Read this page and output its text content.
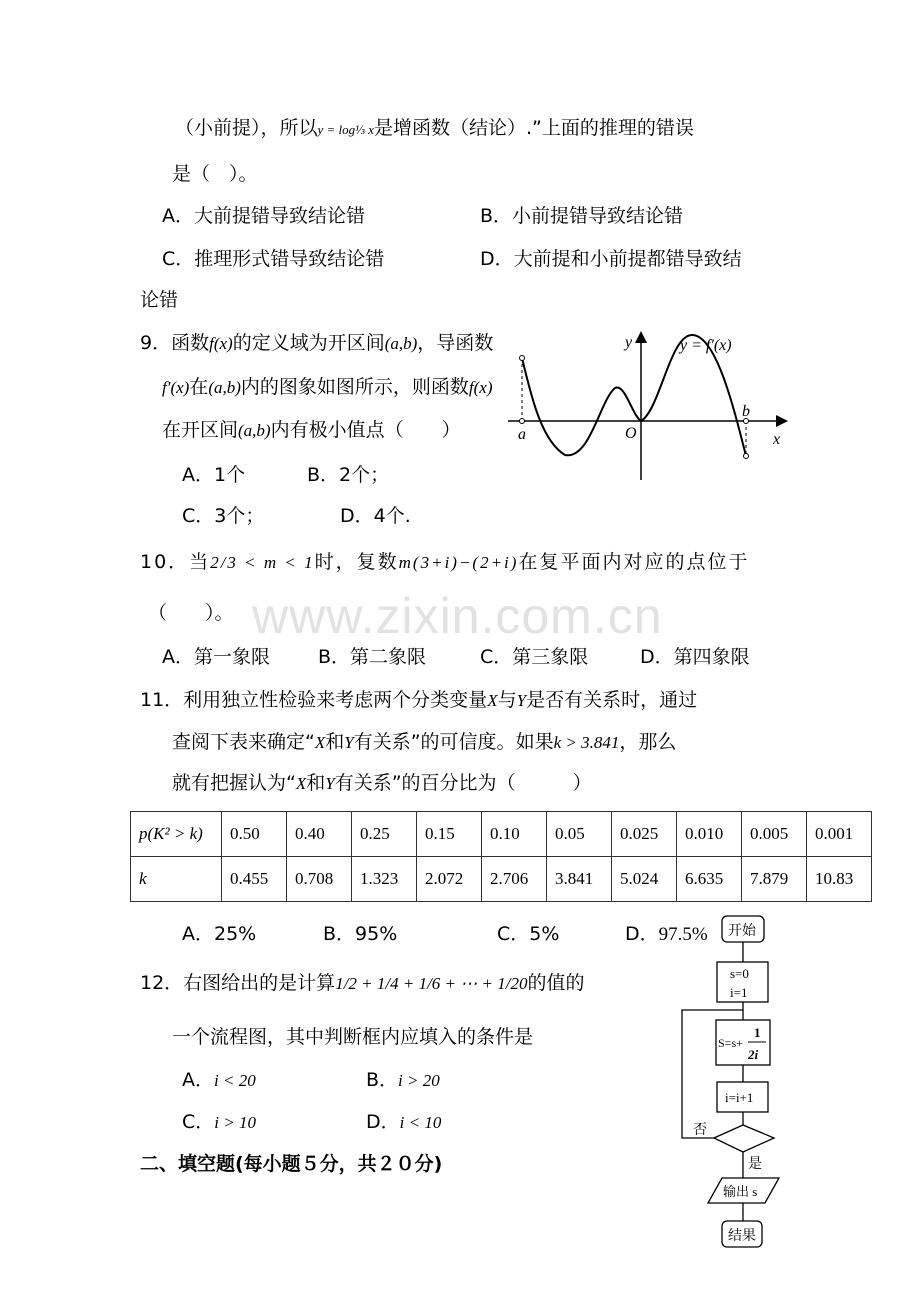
www.zixin.com.cn
（小前提），所以y = log⅓ x是增函数（结论）.”上面的推理的错误
是（　）。
A．大前提错导致结论错	B．小前提错导致结论错
C．推理形式错导致结论错	D．大前提和小前提都错导致结
论错
9．函数f(x)的定义域为开区间(a,b)，导函数
f′(x)在(a,b)内的图象如图所示，则函数f(x)
在开区间(a,b)内有极小值点（　　）
A．1个	B．2个；
C．3个；	D．4个.
y = f′(x)
y
x
O
a
b
10．当2/3 < m < 1时，复数m(3+i)−(2+i)在复平面内对应的点位于
（　　）。
A．第一象限	B．第二象限	C．第三象限	D．第四象限
11．利用独立性检验来考虑两个分类变量X与Y是否有关系时，通过
查阅下表来确定“X和Y有关系”的可信度。如果k > 3.841，那么
就有把握认为“X和Y有关系”的百分比为（　　　）
p(K² > k)	0.50	0.40	0.25	0.15	0.10	0.05	0.025	0.010	0.005	0.001
k	0.455	0.708	1.323	2.072	2.706	3.841	5.024	6.635	7.879	10.83
A．25%	B．95%	C．5%	D．97.5%
12．右图给出的是计算1/2 + 1/4 + 1/6 + ⋯ + 1/20的值的
一个流程图，其中判断框内应填入的条件是
A．i < 20	B．i > 20
C．i > 10	D．i < 10
二、填空题(每小题５分，共２０分)
开始
s=0
i=1
S=s+
1
2i
i=i+1
否
是
输出 s
结果
